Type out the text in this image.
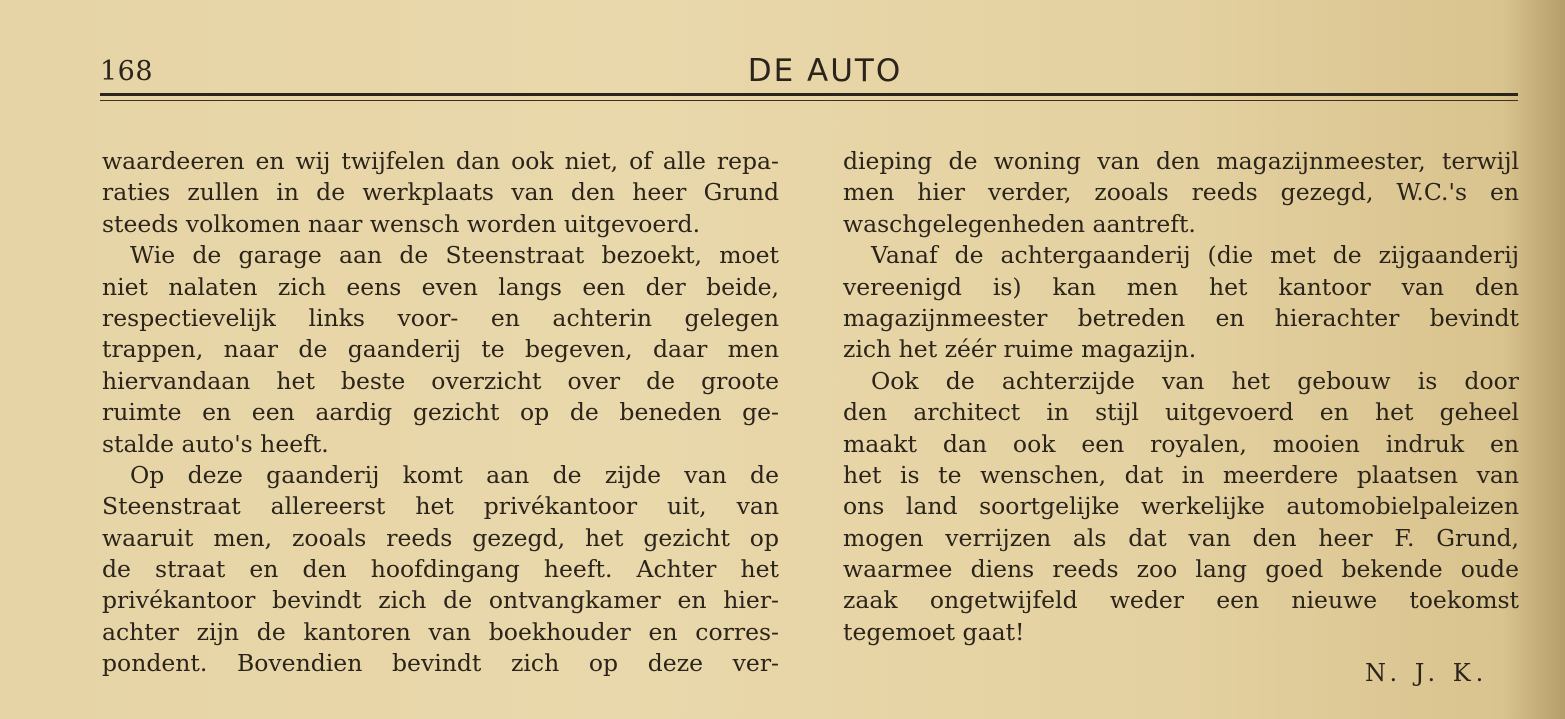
168	DE AUTO
waardeeren en wij twijfelen dan ook niet, of alle repa-
raties zullen in de werkplaats van den heer Grund
steeds volkomen naar wensch worden uitgevoerd.
Wie de garage aan de Steenstraat bezoekt, moet
niet nalaten zich eens even langs een der beide,
respectievelijk links voor- en achterin gelegen
trappen, naar de gaanderij te begeven, daar men
hiervandaan het beste overzicht over de groote
ruimte en een aardig gezicht op de beneden ge-
stalde auto's heeft.
Op deze gaanderij komt aan de zijde van de
Steenstraat allereerst het privékantoor uit, van
waaruit men, zooals reeds gezegd, het gezicht op
de straat en den hoofdingang heeft. Achter het
privékantoor bevindt zich de ontvangkamer en hier-
achter zijn de kantoren van boekhouder en corres-
pondent. Bovendien bevindt zich op deze ver-
dieping de woning van den magazijnmeester, terwijl
men hier verder, zooals reeds gezegd, W.C.'s en
waschgelegenheden aantreft.
Vanaf de achtergaanderij (die met de zijgaanderij
vereenigd is) kan men het kantoor van den
magazijnmeester betreden en hierachter bevindt
zich het zéér ruime magazijn.
Ook de achterzijde van het gebouw is door
den architect in stijl uitgevoerd en het geheel
maakt dan ook een royalen, mooien indruk en
het is te wenschen, dat in meerdere plaatsen van
ons land soortgelijke werkelijke automobielpaleizen
mogen verrijzen als dat van den heer F. Grund,
waarmee diens reeds zoo lang goed bekende oude
zaak ongetwijfeld weder een nieuwe toekomst
tegemoet gaat!
N. J. K.
